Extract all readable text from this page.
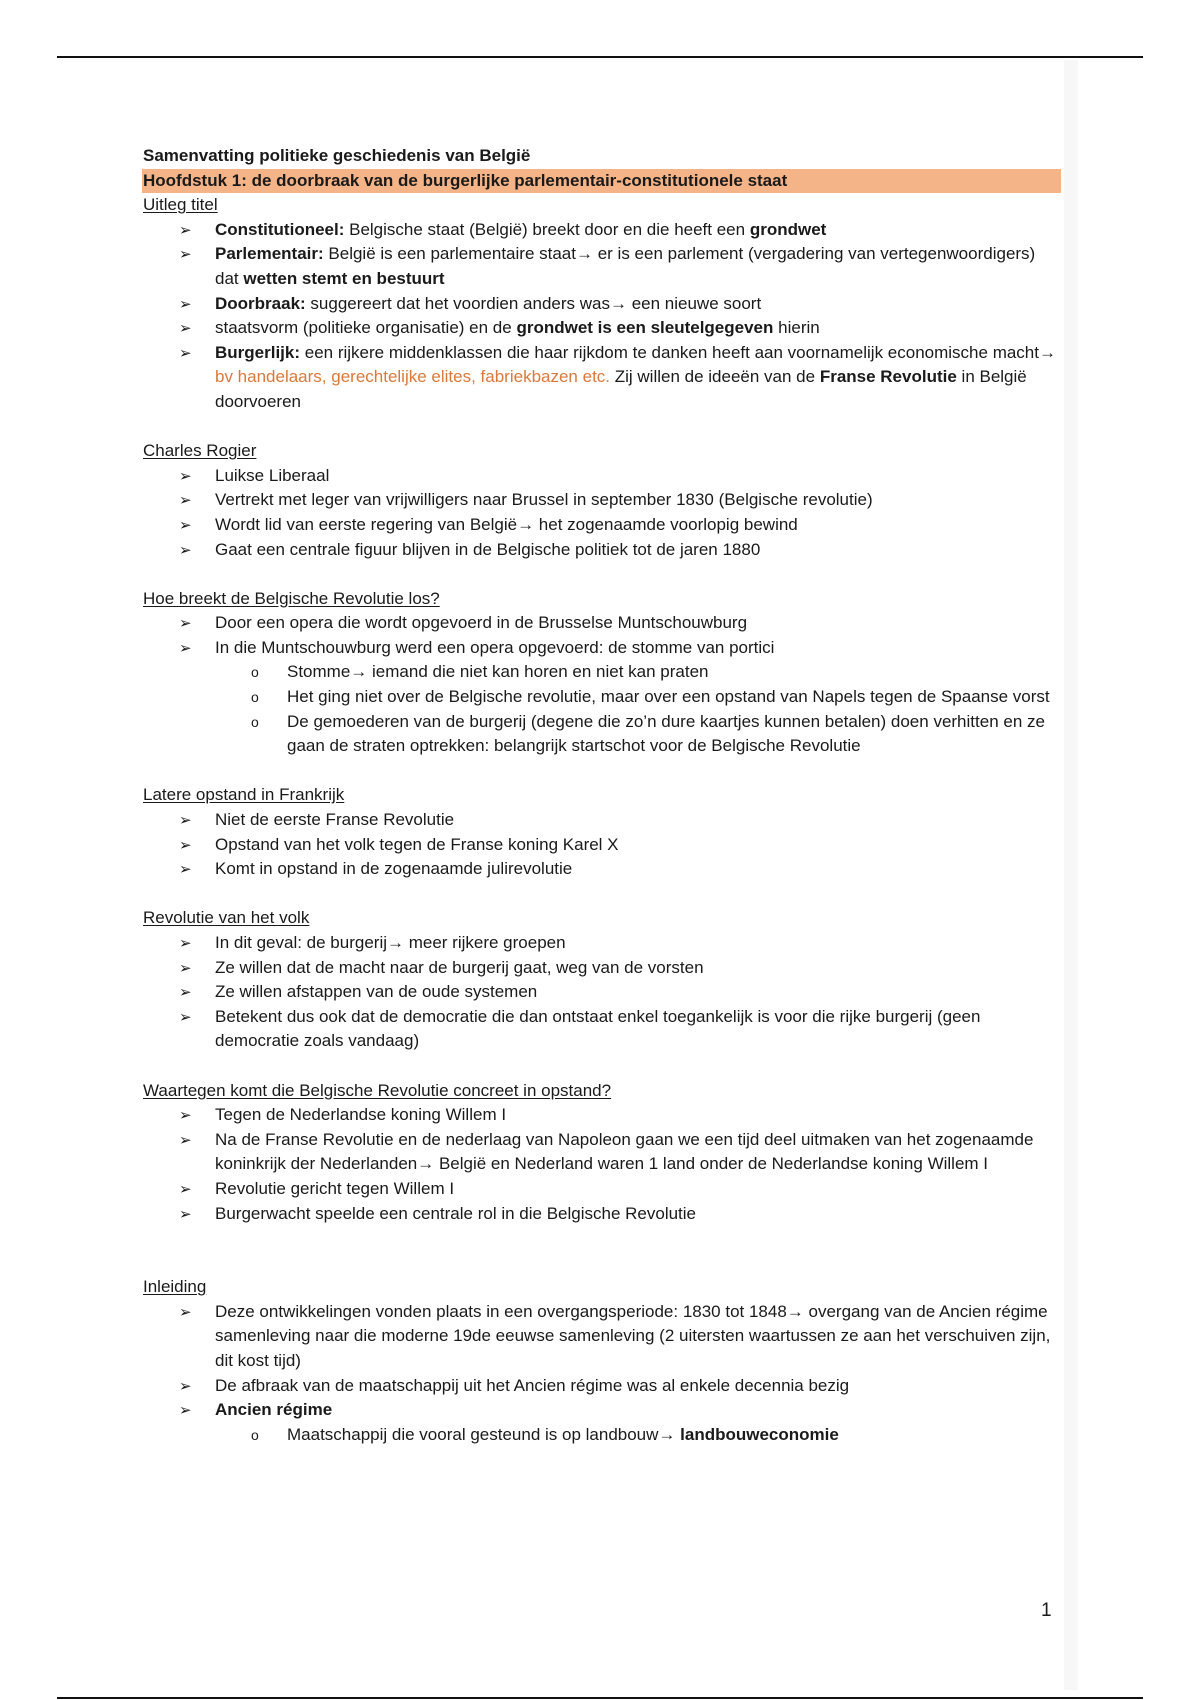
Samenvatting politieke geschiedenis van België
Hoofdstuk 1: de doorbraak van de burgerlijke parlementair-constitutionele staat
Uitleg titel
➢ Constitutioneel: Belgische staat (België) breekt door en die heeft een grondwet
➢ Parlementair: België is een parlementaire staat→ er is een parlement (vergadering van vertegenwoordigers) dat wetten stemt en bestuurt
➢ Doorbraak: suggereert dat het voordien anders was→ een nieuwe soort
➢ staatsvorm (politieke organisatie) en de grondwet is een sleutelgegeven hierin
➢ Burgerlijk: een rijkere middenklassen die haar rijkdom te danken heeft aan voornamelijk economische macht→ bv handelaars, gerechtelijke elites, fabriekbazen etc. Zij willen de ideeën van de Franse Revolutie in België doorvoeren
Charles Rogier
➢ Luikse Liberaal
➢ Vertrekt met leger van vrijwilligers naar Brussel in september 1830 (Belgische revolutie)
➢ Wordt lid van eerste regering van België→ het zogenaamde voorlopig bewind
➢ Gaat een centrale figuur blijven in de Belgische politiek tot de jaren 1880
Hoe breekt de Belgische Revolutie los?
➢ Door een opera die wordt opgevoerd in de Brusselse Muntschouwburg
➢ In die Muntschouwburg werd een opera opgevoerd: de stomme van portici
o Stomme→ iemand die niet kan horen en niet kan praten
o Het ging niet over de Belgische revolutie, maar over een opstand van Napels tegen de Spaanse vorst
o De gemoederen van de burgerij (degene die zo’n dure kaartjes kunnen betalen) doen verhitten en ze gaan de straten optrekken: belangrijk startschot voor de Belgische Revolutie
Latere opstand in Frankrijk
➢ Niet de eerste Franse Revolutie
➢ Opstand van het volk tegen de Franse koning Karel X
➢ Komt in opstand in de zogenaamde julirevolutie
Revolutie van het volk
➢ In dit geval: de burgerij→ meer rijkere groepen
➢ Ze willen dat de macht naar de burgerij gaat, weg van de vorsten
➢ Ze willen afstappen van de oude systemen
➢ Betekent dus ook dat de democratie die dan ontstaat enkel toegankelijk is voor die rijke burgerij (geen democratie zoals vandaag)
Waartegen komt die Belgische Revolutie concreet in opstand?
➢ Tegen de Nederlandse koning Willem I
➢ Na de Franse Revolutie en de nederlaag van Napoleon gaan we een tijd deel uitmaken van het zogenaamde koninkrijk der Nederlanden→ België en Nederland waren 1 land onder de Nederlandse koning Willem I
➢ Revolutie gericht tegen Willem I
➢ Burgerwacht speelde een centrale rol in die Belgische Revolutie
Inleiding
➢ Deze ontwikkelingen vonden plaats in een overgangsperiode: 1830 tot 1848→ overgang van de Ancien régime samenleving naar die moderne 19de eeuwse samenleving (2 uitersten waartussen ze aan het verschuiven zijn, dit kost tijd)
➢ De afbraak van de maatschappij uit het Ancien régime was al enkele decennia bezig
➢ Ancien régime
o Maatschappij die vooral gesteund is op landbouw→ landbouweconomie
1
